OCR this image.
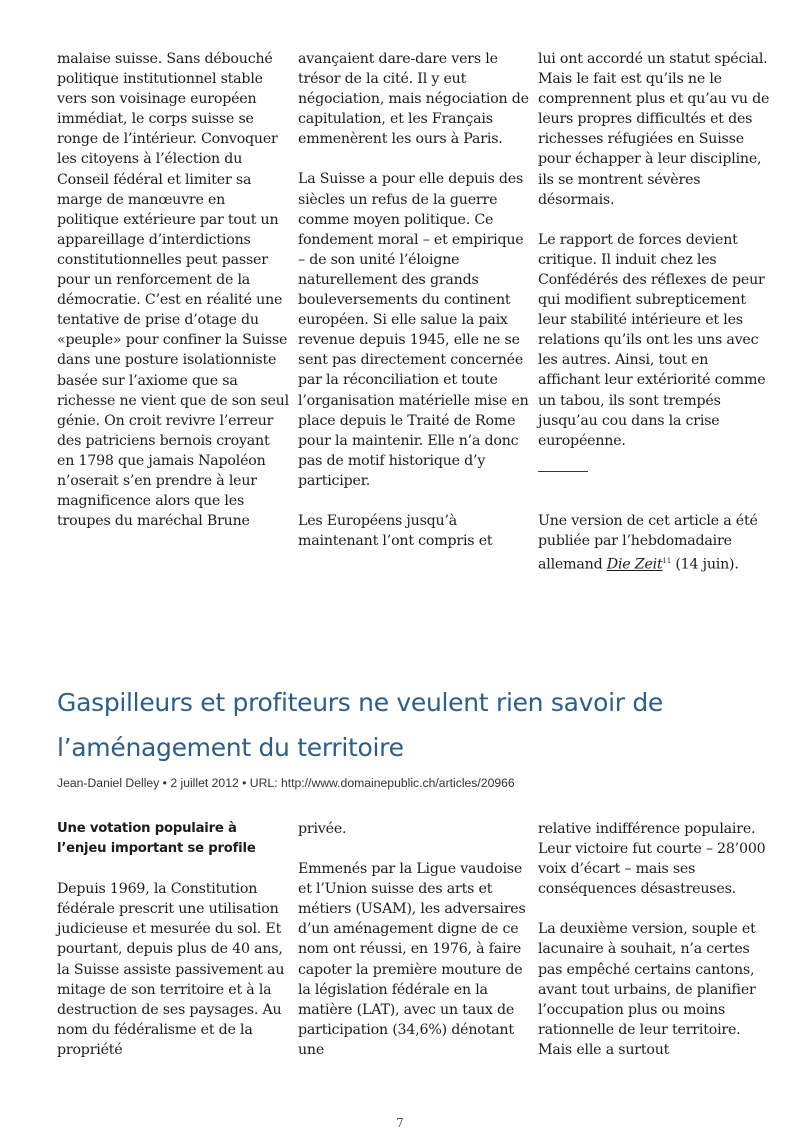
malaise suisse. Sans débouché politique institutionnel stable vers son voisinage européen immédiat, le corps suisse se ronge de l’intérieur. Convoquer les citoyens à l’élection du Conseil fédéral et limiter sa marge de manœuvre en politique extérieure par tout un appareillage d’interdictions constitutionnelles peut passer pour un renforcement de la démocratie. C’est en réalité une tentative de prise d’otage du «peuple» pour confiner la Suisse dans une posture isolationniste basée sur l’axiome que sa richesse ne vient que de son seul génie. On croit revivre l’erreur des patriciens bernois croyant en 1798 que jamais Napoléon n’oserait s’en prendre à leur magnificence alors que les troupes du maréchal Brune

avançaient dare-dare vers le trésor de la cité. Il y eut négociation, mais négociation de capitulation, et les Français emmenèrent les ours à Paris.

La Suisse a pour elle depuis des siècles un refus de la guerre comme moyen politique. Ce fondement moral – et empirique – de son unité l’éloigne naturellement des grands bouleversements du continent européen. Si elle salue la paix revenue depuis 1945, elle ne se sent pas directement concernée par la réconciliation et toute l’organisation matérielle mise en place depuis le Traité de Rome pour la maintenir. Elle n’a donc pas de motif historique d’y participer.

Les Européens jusqu’à maintenant l’ont compris et

lui ont accordé un statut spécial. Mais le fait est qu’ils ne le comprennent plus et qu’au vu de leurs propres difficultés et des richesses réfugiées en Suisse pour échapper à leur discipline, ils se montrent sévères désormais.

Le rapport de forces devient critique. Il induit chez les Confédérés des réflexes de peur qui modifient subrepticement leur stabilité intérieure et les relations qu’ils ont les uns avec les autres. Ainsi, tout en affichant leur extériorité comme un tabou, ils sont trempés jusqu’au cou dans la crise européenne.

Une version de cet article a été publiée par l’hebdomadaire allemand Die Zeit$^{11}$ (14 juin).

Gaspilleurs et profiteurs ne veulent rien savoir de l’aménagement du territoire

Jean-Daniel Delley • 2 juillet 2012 • URL: http://www.domainepublic.ch/articles/20966

Une votation populaire à l’enjeu important se profile

Depuis 1969, la Constitution fédérale prescrit une utilisation judicieuse et mesurée du sol. Et pourtant, depuis plus de 40 ans, la Suisse assiste passivement au mitage de son territoire et à la destruction de ses paysages. Au nom du fédéralisme et de la propriété

privée.

Emmenés par la Ligue vaudoise et l’Union suisse des arts et métiers (USAM), les adversaires d’un aménagement digne de ce nom ont réussi, en 1976, à faire capoter la première mouture de la législation fédérale en la matière (LAT), avec un taux de participation (34,6%) dénotant une

relative indifférence populaire. Leur victoire fut courte – 28’000 voix d’écart – mais ses conséquences désastreuses.

La deuxième version, souple et lacunaire à souhait, n’a certes pas empêché certains cantons, avant tout urbains, de planifier l’occupation plus ou moins rationnelle de leur territoire. Mais elle a surtout

7
